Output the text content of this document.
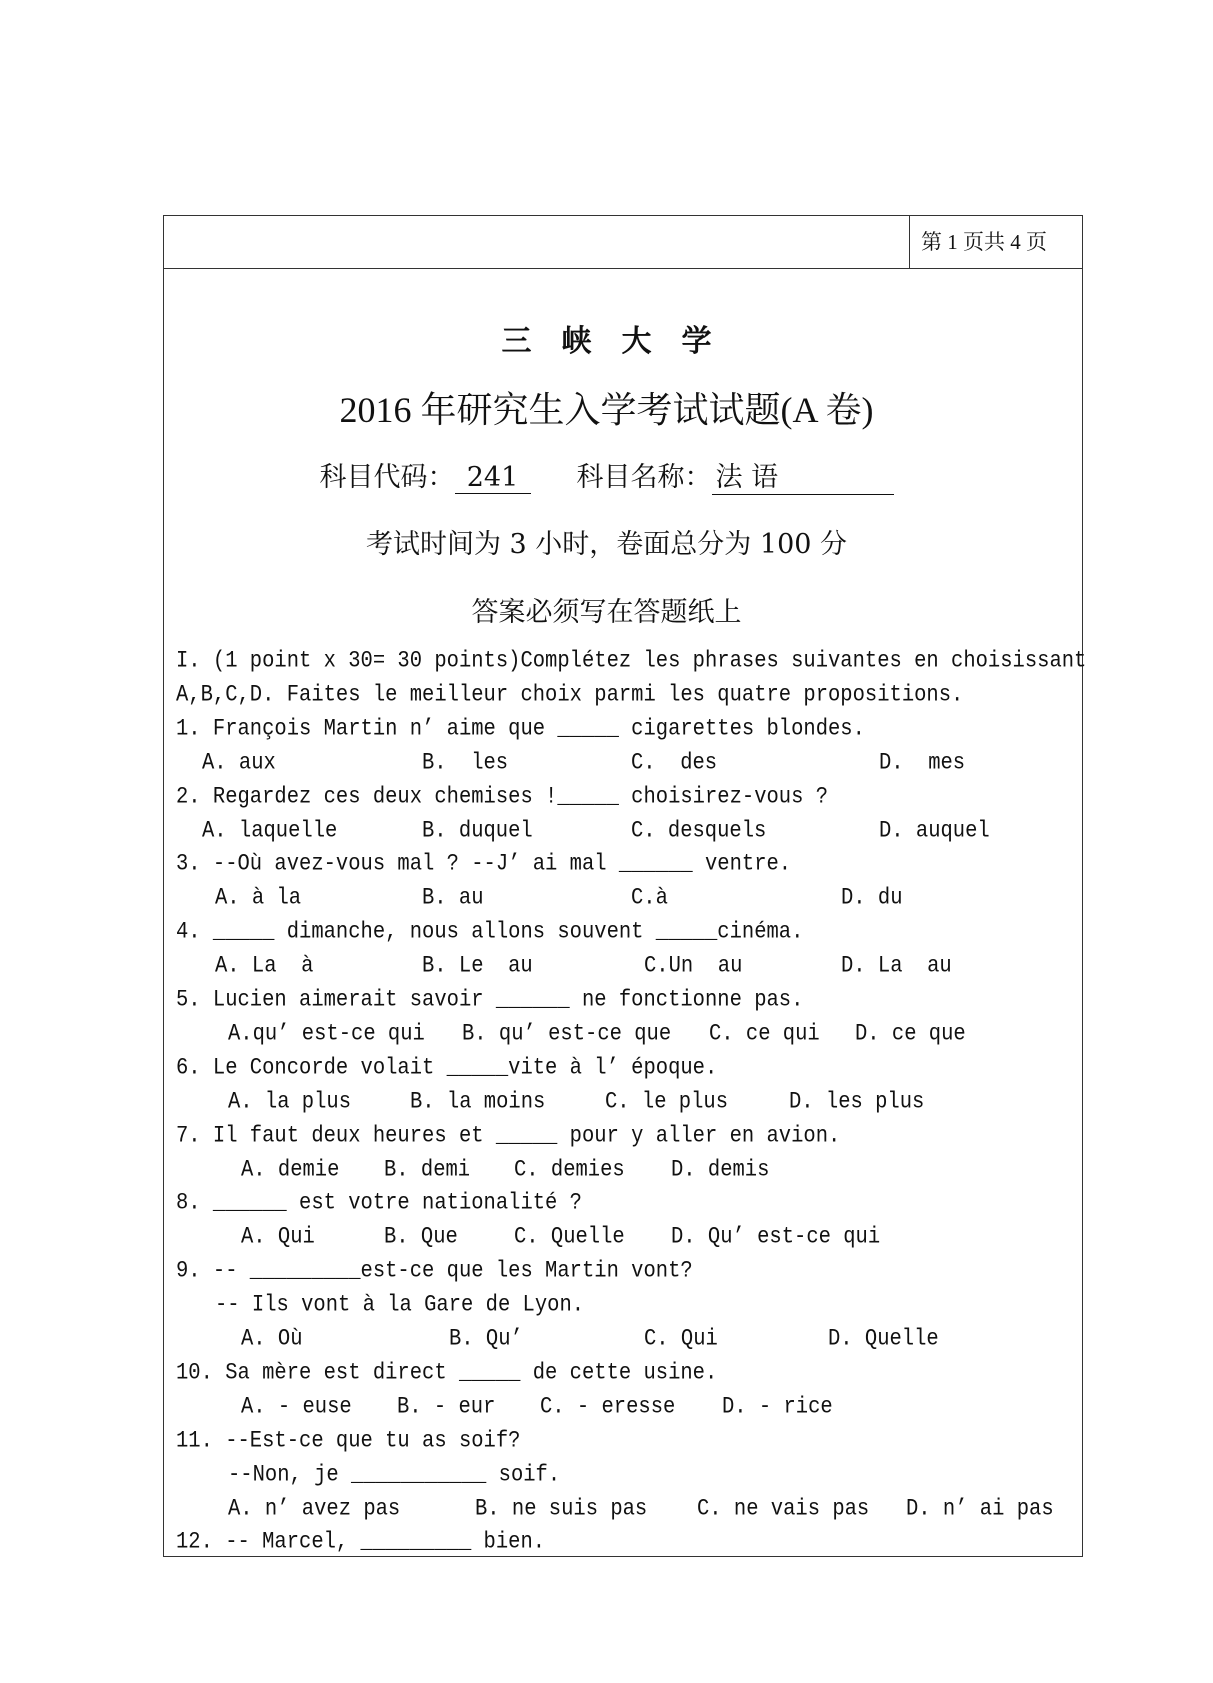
第 1 页共 4 页
三　峡　大　学
2016 年研究生入学考试试题(A 卷)
科目代码： 241 科目名称： 法 语
考试时间为 3 小时，卷面总分为 100 分
答案必须写在答题纸上
I. (1 point x 30= 30 points)Complétez les phrases suivantes en choisissant
A,B,C,D. Faites le meilleur choix parmi les quatre propositions.
1. François Martin n’ aime que _____ cigarettes blondes.
A. aux	B.  les	C.  des	D.  mes
2. Regardez ces deux chemises !_____ choisirez-vous ?
A. laquelle	B. duquel	C. desquels	D. auquel
3. --Où avez-vous mal ? --J’ ai mal ______ ventre.
A. à la	B. au	C.à	D. du
4. _____ dimanche, nous allons souvent _____cinéma.
A. La  à	B. Le  au	C.Un  au	D. La  au
5. Lucien aimerait savoir ______ ne fonctionne pas.
A.qu’ est-ce qui B. qu’ est-ce que C. ce qui D. ce que
6. Le Concorde volait _____vite à l’ époque.
A. la plus	B. la moins	C. le plus	D. les plus
7. Il faut deux heures et _____ pour y aller en avion.
A. demie B. demi C. demies D. demis
8. ______ est votre nationalité ?
A. Qui	B. Que	C. Quelle D. Qu’ est-ce qui
9. -- _________est-ce que les Martin vont?
-- Ils vont à la Gare de Lyon.
A. Où	B. Qu’	C. Qui	D. Quelle
10. Sa mère est direct _____ de cette usine.
A. - euse B. - eur C. - eresse D. - rice
11. --Est-ce que tu as soif?
--Non, je ___________ soif.
A. n’ avez pas	B. ne suis pas C. ne vais pas D. n’ ai pas
12. -- Marcel, _________ bien.
